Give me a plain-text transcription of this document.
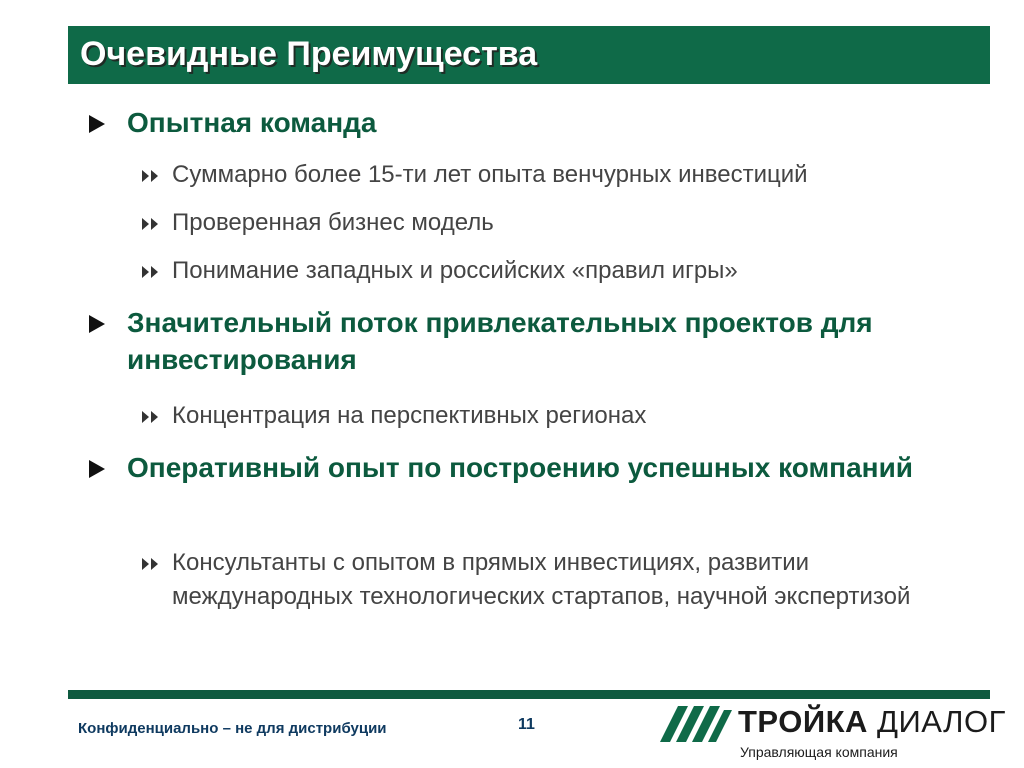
Очевидные Преимущества
Опытная команда
Суммарно более 15-ти лет опыта венчурных инвестиций
Проверенная бизнес модель
Понимание западных и российских «правил игры»
Значительный поток привлекательных проектов для инвестирования
Концентрация на перспективных регионах
Оперативный опыт по построению успешных компаний
Консультанты с опытом в прямых инвестициях, развитии международных технологических стартапов, научной экспертизой
Конфиденциально – не для дистрибуции	11	ТРОЙКА ДИАЛОГ
Управляющая компания
